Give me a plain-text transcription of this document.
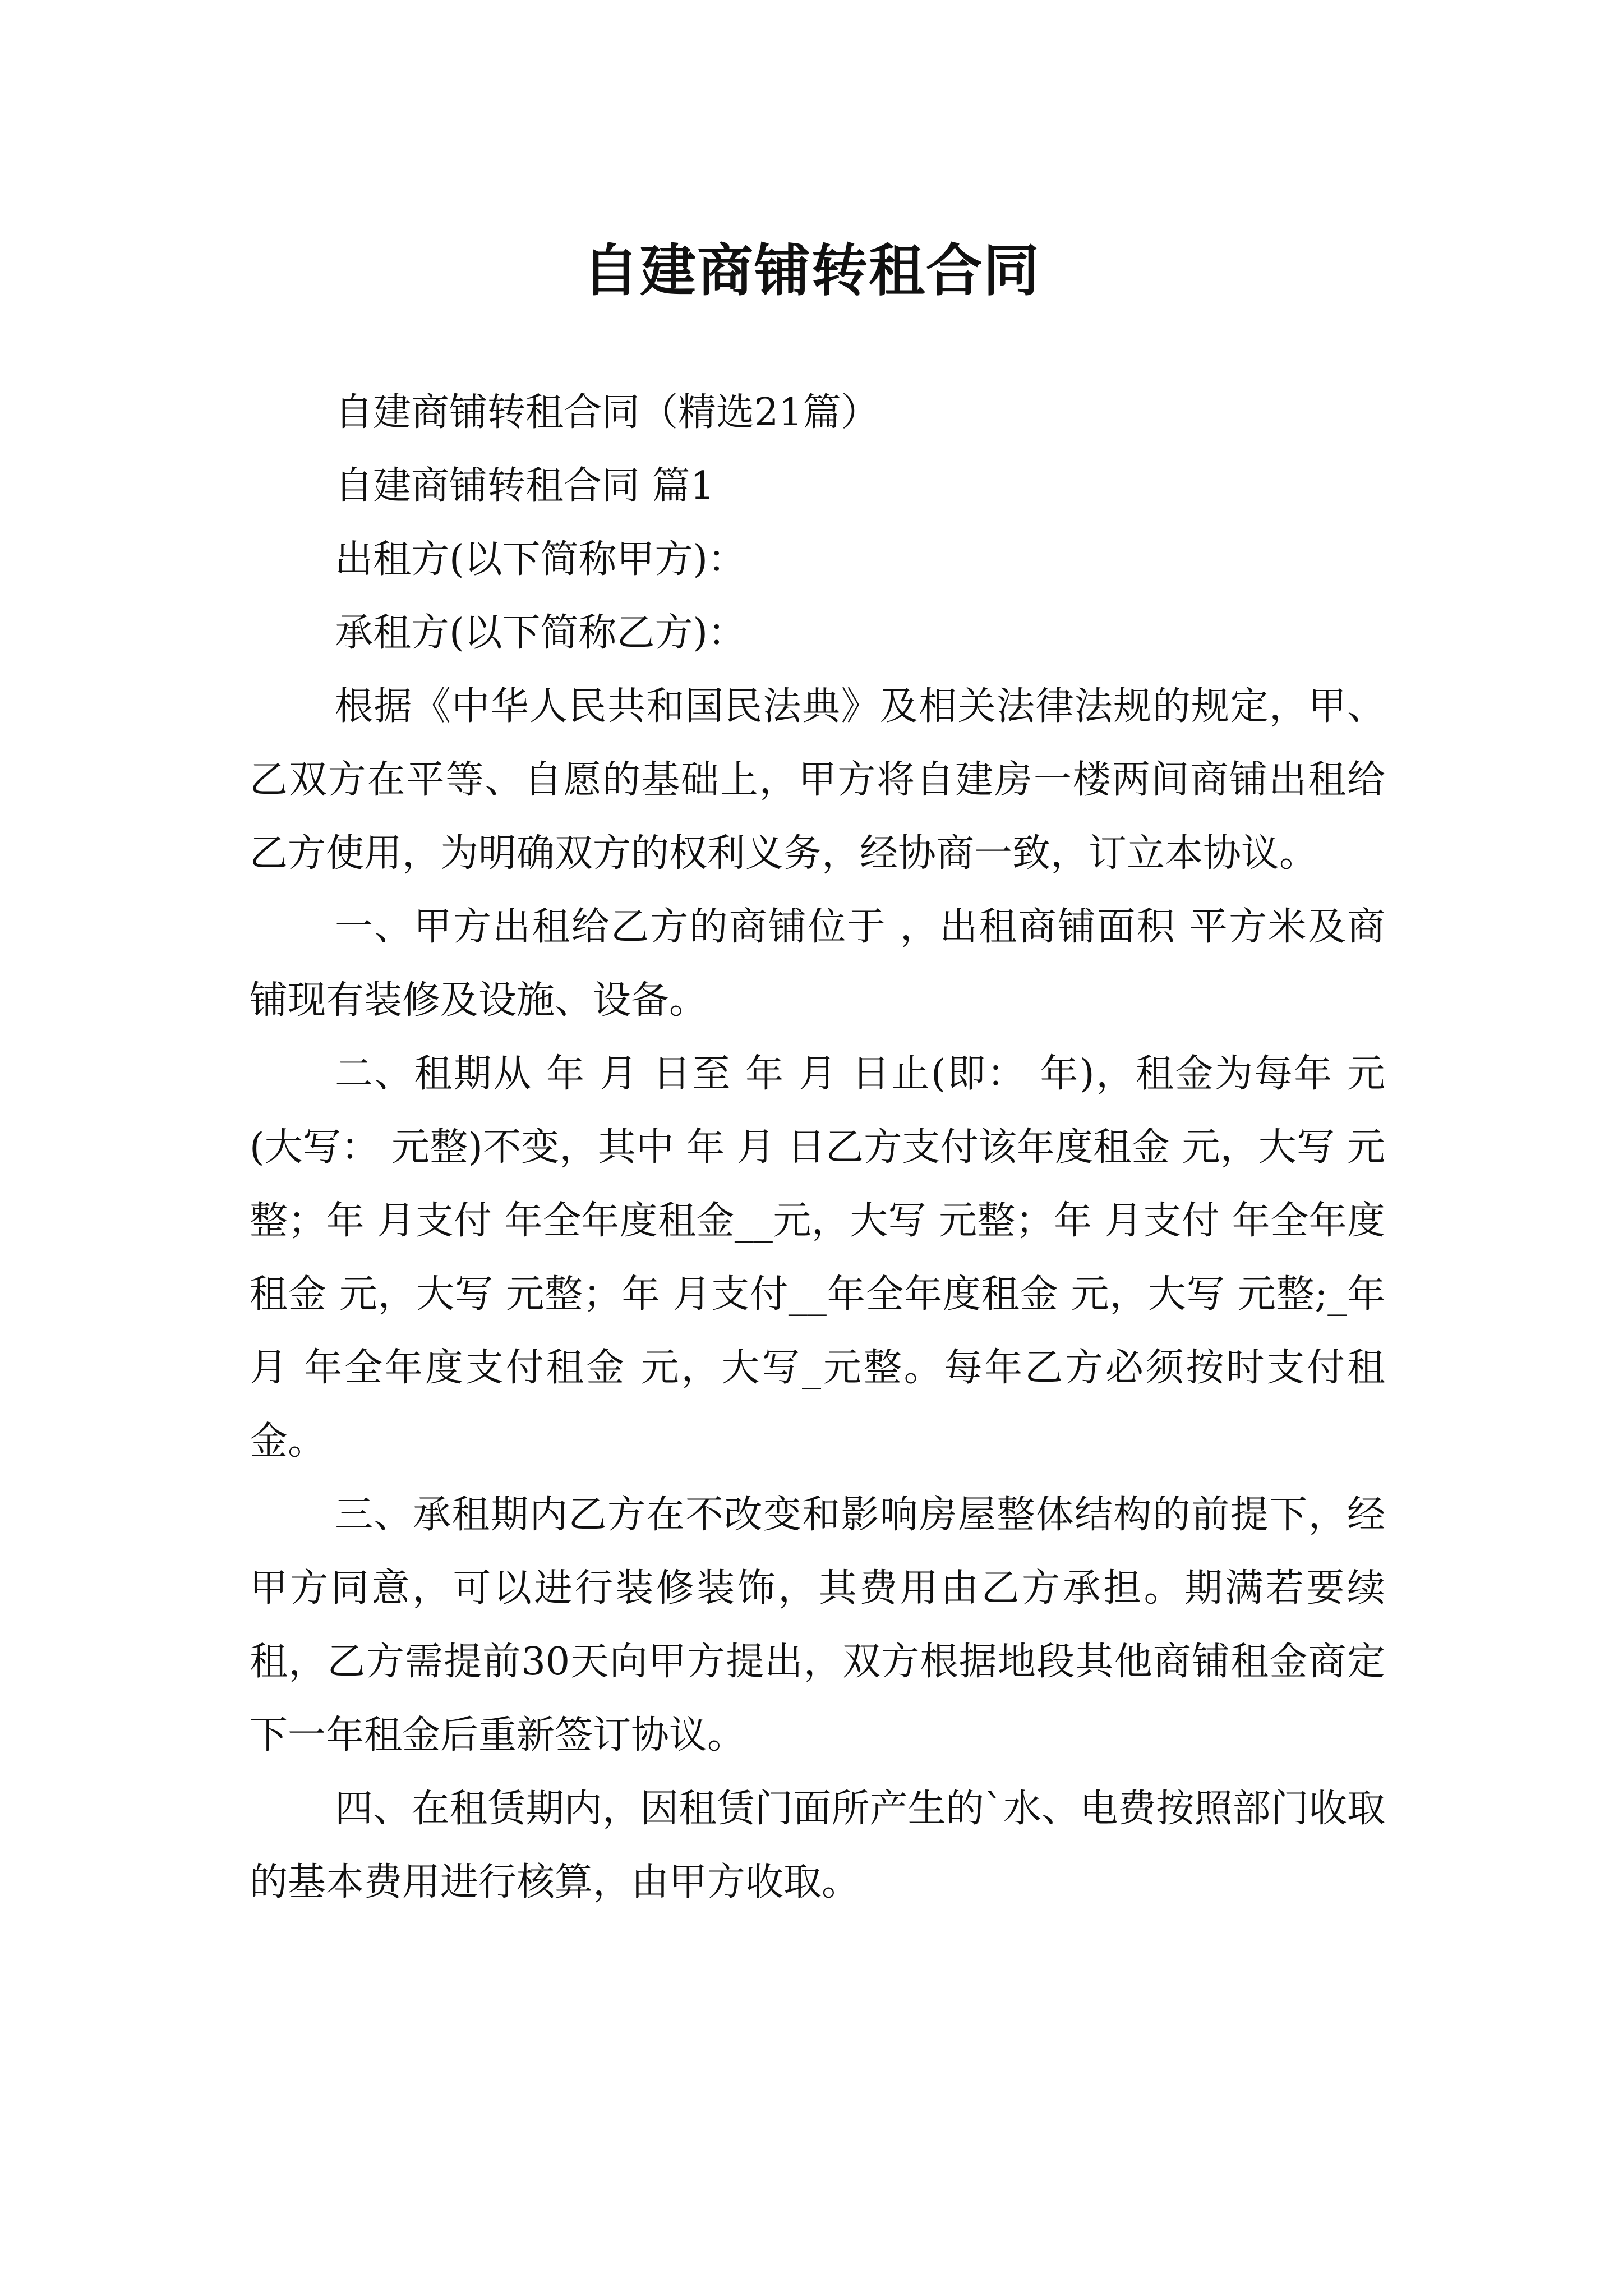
自建商铺转租合同

自建商铺转租合同（精选21篇）

自建商铺转租合同 篇1

出租方(以下简称甲方)：

承租方(以下简称乙方)：

根据《中华人民共和国民法典》及相关法律法规的规定，甲、乙双方在平等、自愿的基础上，甲方将自建房一楼两间商铺出租给乙方使用，为明确双方的权利义务，经协商一致，订立本协议。

一、甲方出租给乙方的商铺位于 ，出租商铺面积 平方米及商铺现有装修及设施、设备。

二、租期从 年 月 日至 年 月 日止(即： 年)，租金为每年 元(大写： 元整)不变，其中 年 月 日乙方支付该年度租金 元，大写 元整；年 月支付 年全年度租金__元，大写 元整；年 月支付 年全年度租金 元，大写 元整；年 月支付__年全年度租金 元，大写 元整;_年 月 年全年度支付租金 元，大写_元整。每年乙方必须按时支付租金。

三、承租期内乙方在不改变和影响房屋整体结构的前提下，经甲方同意，可以进行装修装饰，其费用由乙方承担。期满若要续租，乙方需提前30天向甲方提出，双方根据地段其他商铺租金商定下一年租金后重新签订协议。

四、在租赁期内，因租赁门面所产生的`水、电费按照部门收取的基本费用进行核算，由甲方收取。
